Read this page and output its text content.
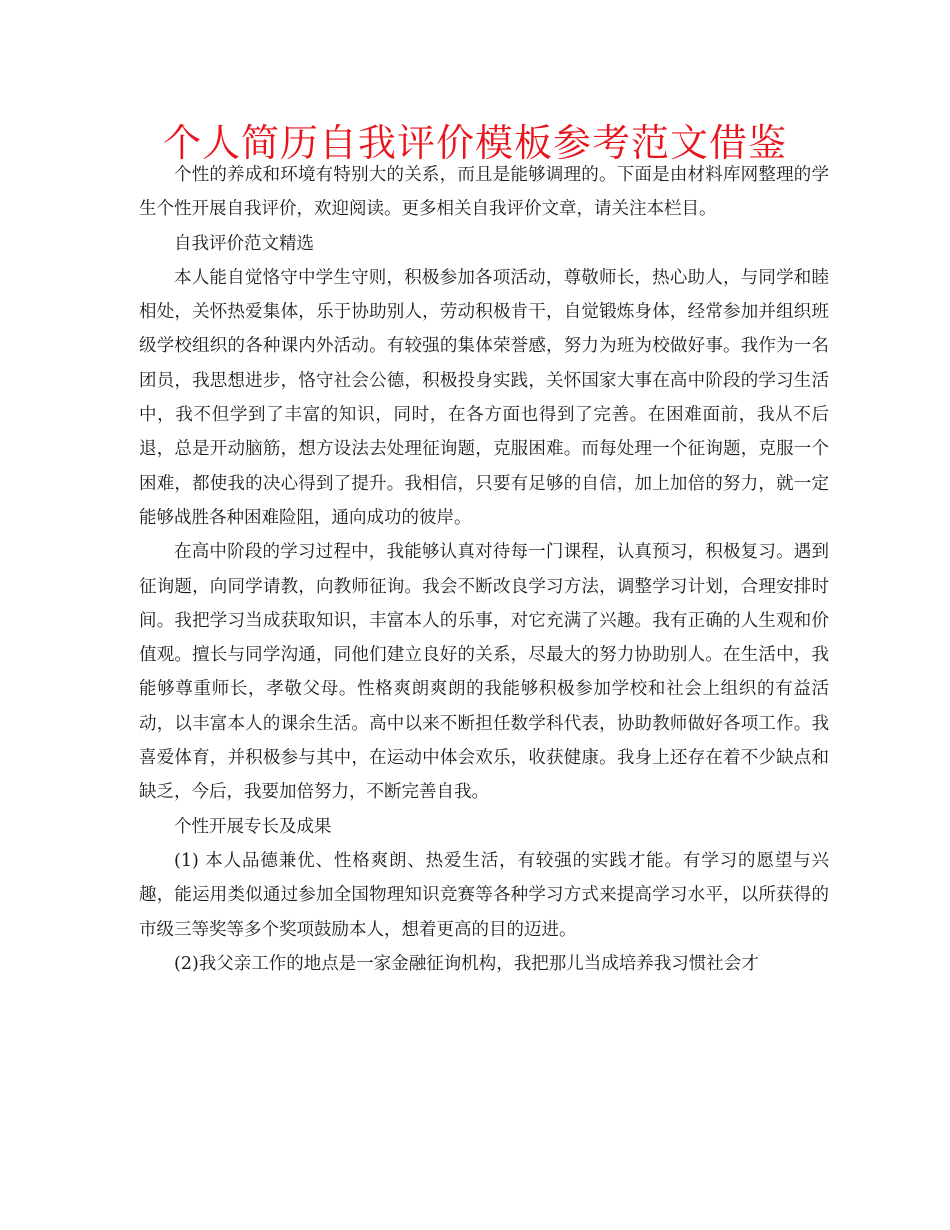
个人简历自我评价模板参考范文借鉴

个性的养成和环境有特别大的关系，而且是能够调理的。下面是由材料库网整理的学生个性开展自我评价，欢迎阅读。更多相关自我评价文章，请关注本栏目。

自我评价范文精选

本人能自觉恪守中学生守则，积极参加各项活动，尊敬师长，热心助人，与同学和睦相处，关怀热爱集体，乐于协助别人，劳动积极肯干，自觉锻炼身体，经常参加并组织班级学校组织的各种课内外活动。有较强的集体荣誉感，努力为班为校做好事。我作为一名团员，我思想进步，恪守社会公德，积极投身实践，关怀国家大事在高中阶段的学习生活中，我不但学到了丰富的知识，同时，在各方面也得到了完善。在困难面前，我从不后退，总是开动脑筋，想方设法去处理征询题，克服困难。而每处理一个征询题，克服一个困难，都使我的决心得到了提升。我相信，只要有足够的自信，加上加倍的努力，就一定能够战胜各种困难险阻，通向成功的彼岸。

在高中阶段的学习过程中，我能够认真对待每一门课程，认真预习，积极复习。遇到征询题，向同学请教，向教师征询。我会不断改良学习方法，调整学习计划，合理安排时间。我把学习当成获取知识，丰富本人的乐事，对它充满了兴趣。我有正确的人生观和价值观。擅长与同学沟通，同他们建立良好的关系，尽最大的努力协助别人。在生活中，我能够尊重师长，孝敬父母。性格爽朗爽朗的我能够积极参加学校和社会上组织的有益活动，以丰富本人的课余生活。高中以来不断担任数学科代表，协助教师做好各项工作。我喜爱体育，并积极参与其中，在运动中体会欢乐，收获健康。我身上还存在着不少缺点和缺乏，今后，我要加倍努力，不断完善自我。

个性开展专长及成果

(1) 本人品德兼优、性格爽朗、热爱生活，有较强的实践才能。有学习的愿望与兴趣，能运用类似通过参加全国物理知识竞赛等各种学习方式来提高学习水平，以所获得的市级三等奖等多个奖项鼓励本人，想着更高的目的迈进。

(2)我父亲工作的地点是一家金融征询机构，我把那儿当成培养我习惯社会才
